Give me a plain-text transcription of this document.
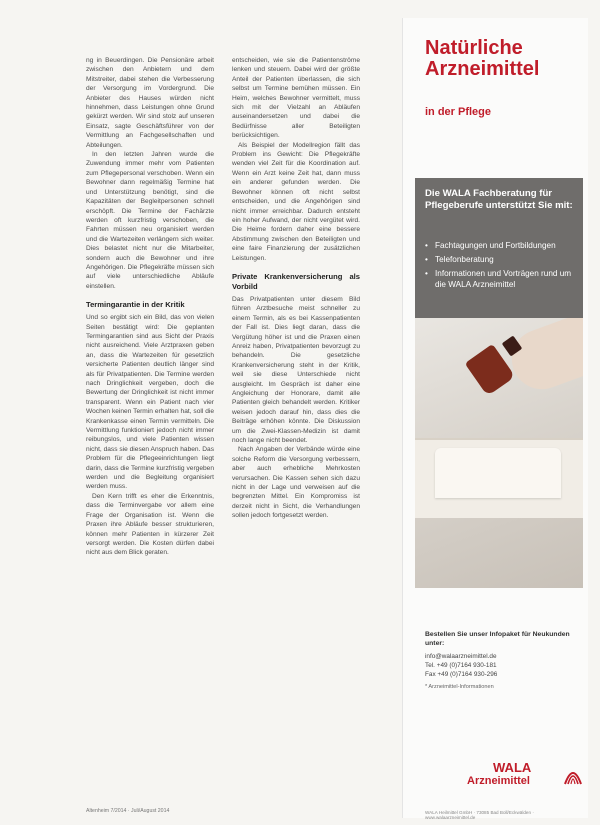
ng in Beuerdingen. Die Pensionäre arbeit zwischen den Anbietern und dem Mitstreiter, dabei stehen die Verbesserung der Versorgung im Vordergrund. Die Anbieter des Hauses würden nicht hinnehmen, dass Leistungen ohne Grund gekürzt werden. Wir sind stolz auf unseren Einsatz, sagte Geschäftsführer von der Vermittlung an Fachgesellschaften und Abteilungen.

In den letzten Jahren wurde die Zuwendung immer mehr vom Patienten zum Pflegepersonal verschoben. Wenn ein Bewohner dann regelmäßig Termine hat und Unterstützung benötigt, sind die Kapazitäten der Begleitpersonen schnell erschöpft. Die Termine der Fachärzte werden oft kurzfristig verschoben, die Fahrten müssen neu organisiert werden und die Wartezeiten verlängern sich weiter. Dies belastet nicht nur die Mitarbeiter, sondern auch die Bewohner und ihre Angehörigen. Die Pflegekräfte müssen sich auf viele unterschiedliche Abläufe einstellen.

Termingarantie in der Kritik

Und so ergibt sich ein Bild, das von vielen Seiten bestätigt wird: Die geplanten Termingarantien sind aus Sicht der Praxis nicht ausreichend. Viele Arztpraxen geben an, dass die Wartezeiten für gesetzlich versicherte Patienten deutlich länger sind als für Privatpatienten. Die Termine werden nach Dringlichkeit vergeben, doch die Bewertung der Dringlichkeit ist nicht immer transparent. Wenn ein Patient nach vier Wochen keinen Termin erhalten hat, soll die Krankenkasse einen Termin vermitteln. Die Vermittlung funktioniert jedoch nicht immer reibungslos, und viele Patienten wissen nicht, dass sie diesen Anspruch haben. Das Problem für die Pflegeeinrichtungen liegt darin, dass die Termine kurzfristig vergeben werden und die Begleitung organisiert werden muss.

Den Kern trifft es eher die Erkenntnis, dass die Terminvergabe vor allem eine Frage der Organisation ist. Wenn die Praxen ihre Abläufe besser strukturieren, können mehr Patienten in kürzerer Zeit versorgt werden. Die Kosten dürfen dabei nicht aus dem Blick geraten.

entscheiden, wie sie die Patientenströme lenken und steuern. Dabei wird der größte Anteil der Patienten überlassen, die sich selbst um Termine bemühen müssen. Ein Heim, welches Bewohner vermittelt, muss sich mit der Vielzahl an Abläufen auseinandersetzen und dabei die Bedürfnisse aller Beteiligten berücksichtigen.

Als Beispiel der Modellregion fällt das Problem ins Gewicht: Die Pflegekräfte wenden viel Zeit für die Koordination auf. Wenn ein Arzt keine Zeit hat, dann muss ein anderer gefunden werden. Die Bewohner können oft nicht selbst entscheiden, und die Angehörigen sind nicht immer erreichbar. Dadurch entsteht ein hoher Aufwand, der nicht vergütet wird. Die Heime fordern daher eine bessere Abstimmung zwischen den Beteiligten und eine faire Finanzierung der zusätzlichen Leistungen.

Private Krankenversicherung als Vorbild

Das Privatpatienten unter diesem Bild führen Arztbesuche meist schneller zu einem Termin, als es bei Kassenpatienten der Fall ist. Dies liegt daran, dass die Vergütung höher ist und die Praxen einen Anreiz haben, Privatpatienten bevorzugt zu behandeln. Die gesetzliche Krankenversicherung steht in der Kritik, weil sie diese Unterschiede nicht ausgleicht. Im Gespräch ist daher eine Angleichung der Honorare, damit alle Patienten gleich behandelt werden. Kritiker weisen jedoch darauf hin, dass dies die Beiträge erhöhen könnte. Die Diskussion um die Zwei-Klassen-Medizin ist damit noch lange nicht beendet.

Nach Angaben der Verbände würde eine solche Reform die Versorgung verbessern, aber auch erhebliche Mehrkosten verursachen. Die Kassen sehen sich dazu nicht in der Lage und verweisen auf die begrenzten Mittel. Ein Kompromiss ist derzeit nicht in Sicht, die Verhandlungen sollen jedoch fortgesetzt werden.

Altenheim 7/2014 · Juli/August 2014
Natürliche
Arzneimittel
in der Pflege
Die WALA Fachberatung für Pflegeberufe unterstützt Sie mit:
• Fachtagungen und Fortbildungen
• Telefonberatung
• Informationen und Vorträgen rund um die WALA Arzneimittel
Bestellen Sie unser Infopaket für Neukunden unter:
info@walaarzneimittel.de
Tel. +49 (0)7164 930-181
Fax +49 (0)7164 930-296
* Arzneimittel-Informationen
WALA
Arzneimittel
WALA Heilmittel GmbH · 73085 Bad Boll/Eckwälden · www.walaarzneimittel.de
